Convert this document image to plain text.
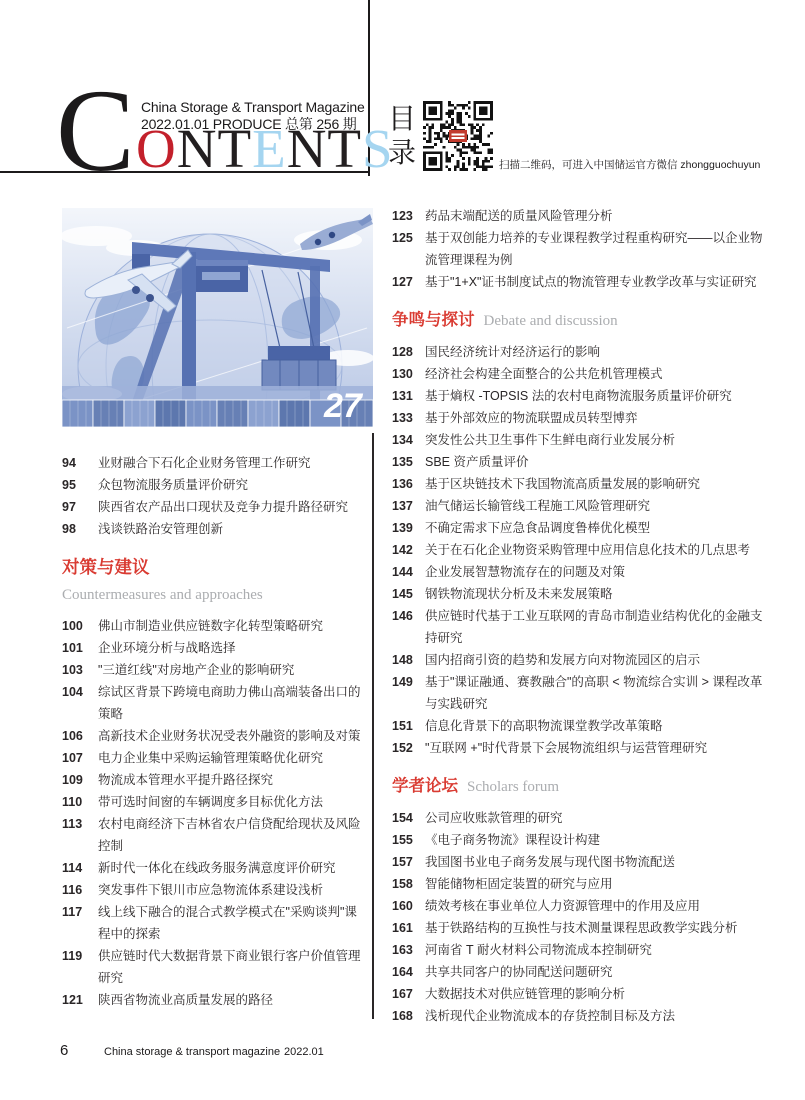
C China Storage & Transport Magazine
2022.01.01 PRODUCE 总第 256 期
ONTENTS
目
录	扫描二维码，可进入中国储运官方微信 zhongguochuyun
27
94	业财融合下石化企业财务管理工作研究
95	众包物流服务质量评价研究
97	陕西省农产品出口现状及竞争力提升路径研究
98	浅谈铁路治安管理创新
对策与建议
Countermeasures and approaches
100	佛山市制造业供应链数字化转型策略研究
101	企业环境分析与战略选择
103	"三道红线"对房地产企业的影响研究
104	综试区背景下跨境电商助力佛山高端装备出口的策略
106	高新技术企业财务状况受表外融资的影响及对策
107	电力企业集中采购运输管理策略优化研究
109	物流成本管理水平提升路径探究
110	带可选时间窗的车辆调度多目标优化方法
113	农村电商经济下吉林省农户信贷配给现状及风险控制
114	新时代一体化在线政务服务满意度评价研究
116	突发事件下银川市应急物流体系建设浅析
117	线上线下融合的混合式教学模式在"采购谈判"课程中的探索
119	供应链时代大数据背景下商业银行客户价值管理研究
121	陕西省物流业高质量发展的路径
123 药品末端配送的质量风险管理分析
125 基于双创能力培养的专业课程教学过程重构研究——以企业物流管理课程为例
127 基于"1+X"证书制度试点的物流管理专业教学改革与实证研究
争鸣与探讨 Debate and discussion
128 国民经济统计对经济运行的影响
130 经济社会构建全面整合的公共危机管理模式
131 基于熵权 -TOPSIS 法的农村电商物流服务质量评价研究
133 基于外部效应的物流联盟成员转型博弈
134 突发性公共卫生事件下生鲜电商行业发展分析
135 SBE 资产质量评价
136 基于区块链技术下我国物流高质量发展的影响研究
137 油气储运长输管线工程施工风险管理研究
139 不确定需求下应急食品调度鲁棒优化模型
142 关于在石化企业物资采购管理中应用信息化技术的几点思考
144 企业发展智慧物流存在的问题及对策
145 钢铁物流现状分析及未来发展策略
146 供应链时代基于工业互联网的青岛市制造业结构优化的金融支持研究
148 国内招商引资的趋势和发展方向对物流园区的启示
149 基于"课证融通、赛教融合"的高职 < 物流综合实训 > 课程改革与实践研究
151 信息化背景下的高职物流课堂教学改革策略
152 "互联网 +"时代背景下会展物流组织与运营管理研究
学者论坛 Scholars forum
154 公司应收账款管理的研究
155 《电子商务物流》课程设计构建
157 我国图书业电子商务发展与现代图书物流配送
158 智能储物柜固定装置的研究与应用
160 绩效考核在事业单位人力资源管理中的作用及应用
161 基于铁路结构的互换性与技术测量课程思政教学实践分析
163 河南省 T 耐火材料公司物流成本控制研究
164 共享共同客户的协同配送问题研究
167 大数据技术对供应链管理的影响分析
168 浅析现代企业物流成本的存货控制目标及方法
6	China storage & transport magazine 2022.01
